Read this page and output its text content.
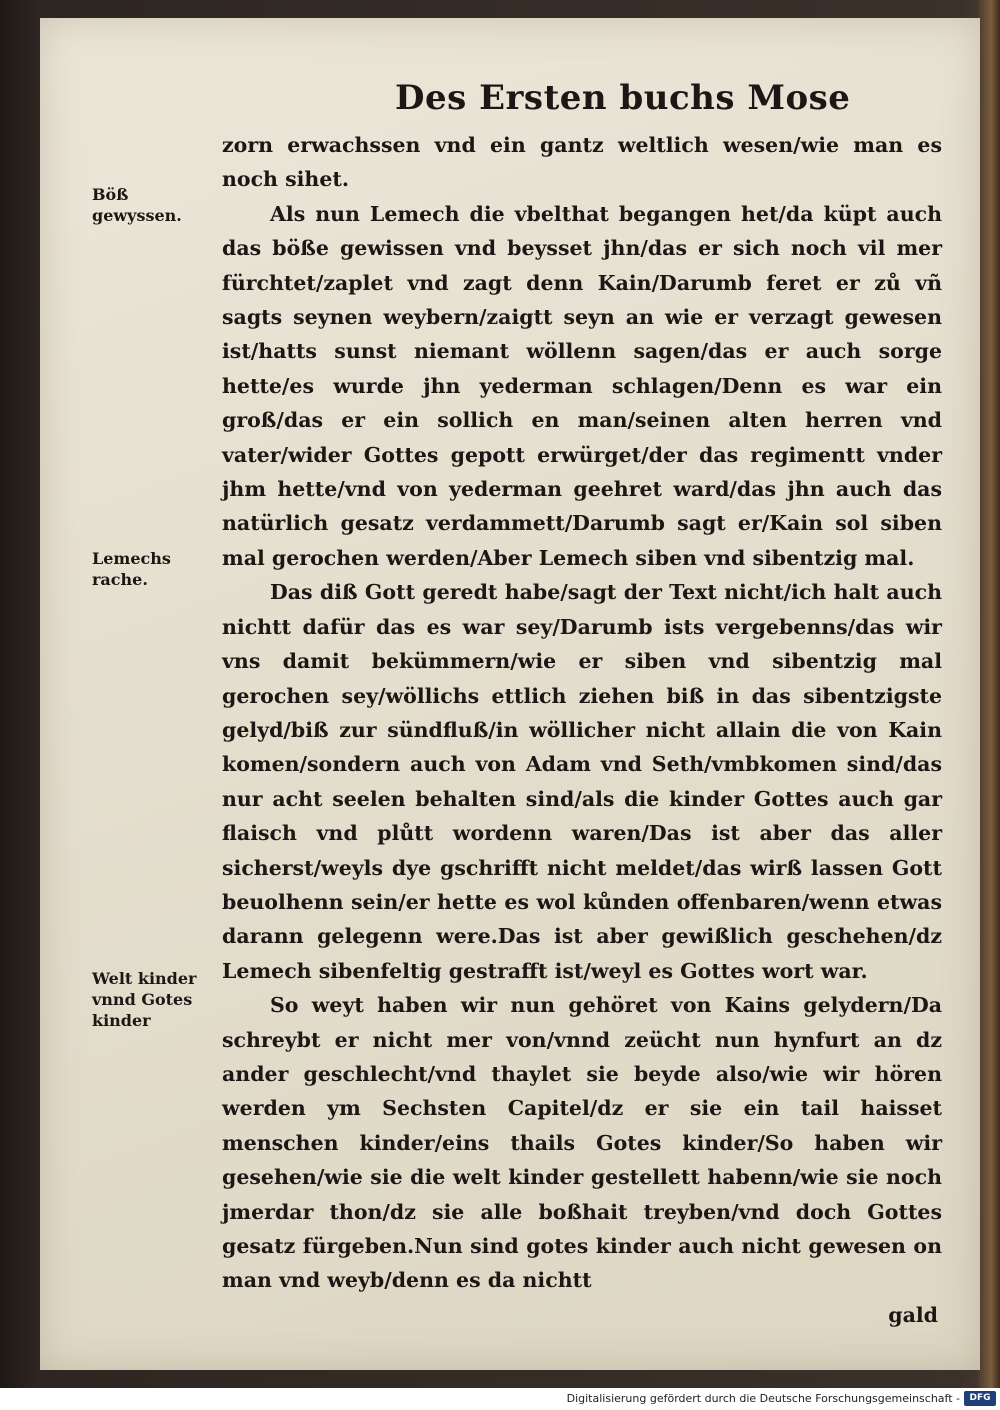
Des Ersten buchs Mose
Böß gewyssen.
Lemechs rache.
Welt kinder vnnd Gotes kinder

zorn erwachssen vnd ein gantz weltlich wesen/wie man es noch sihet.

Als nun Lemech die vbelthat begangen het/da küpt auch das böße gewissen vnd beysset jhn/das er sich noch vil mer fürchtet/zaplet vnd zagt denn Kain/Darumb feret er zů vñ sagts seynen weybern/zaigtt seyn an wie er verzagt gewesen ist/hatts sunst niemant wöllenn sagen/das er auch sorge hette/es wurde jhn yederman schlagen/Denn es war ein groß/das er ein sollich en man/seinen alten herren vnd vater/wider Gottes gepott erwürget/der das regimentt vnder jhm hette/vnd von yederman geehret ward/das jhn auch das natürlich gesatz verdammett/Darumb sagt er/Kain sol siben mal gerochen werden/Aber Lemech siben vnd sibentzig mal.

Das diß Gott geredt habe/sagt der Text nicht/ich halt auch nichtt dafür das es war sey/Darumb ists vergebenns/das wir vns damit bekümmern/wie er siben vnd sibentzig mal gerochen sey/wöllichs ettlich ziehen biß in das sibentzigste gelyd/biß zur sündfluß/in wöllicher nicht allain die von Kain komen/sondern auch von Adam vnd Seth/vmbkomen sind/das nur acht seelen behalten sind/als die kinder Gottes auch gar flaisch vnd plůtt wordenn waren/Das ist aber das aller sicherst/weyls dye gschrifft nicht meldet/das wirß lassen Gott beuolhenn sein/er hette es wol kůnden offenbaren/wenn etwas darann gelegenn were.Das ist aber gewißlich geschehen/dz Lemech sibenfeltig gestrafft ist/weyl es Gottes wort war.

So weyt haben wir nun gehöret von Kains gelydern/Da schreybt er nicht mer von/vnnd zeücht nun hynfurt an dz ander geschlecht/vnd thaylet sie beyde also/wie wir hören werden ym Sechsten Capitel/dz er sie ein tail haisset menschen kinder/eins thails Gotes kinder/So haben wir gesehen/wie sie die welt kinder gestellett habenn/wie sie noch jmerdar thon/dz sie alle boßhait treyben/vnd doch Gottes gesatz fürgeben.Nun sind gotes kinder auch nicht gewesen on man vnd weyb/denn es da nichtt

gald
Digitalisierung gefördert durch die Deutsche Forschungsgemeinschaft -	DFG
